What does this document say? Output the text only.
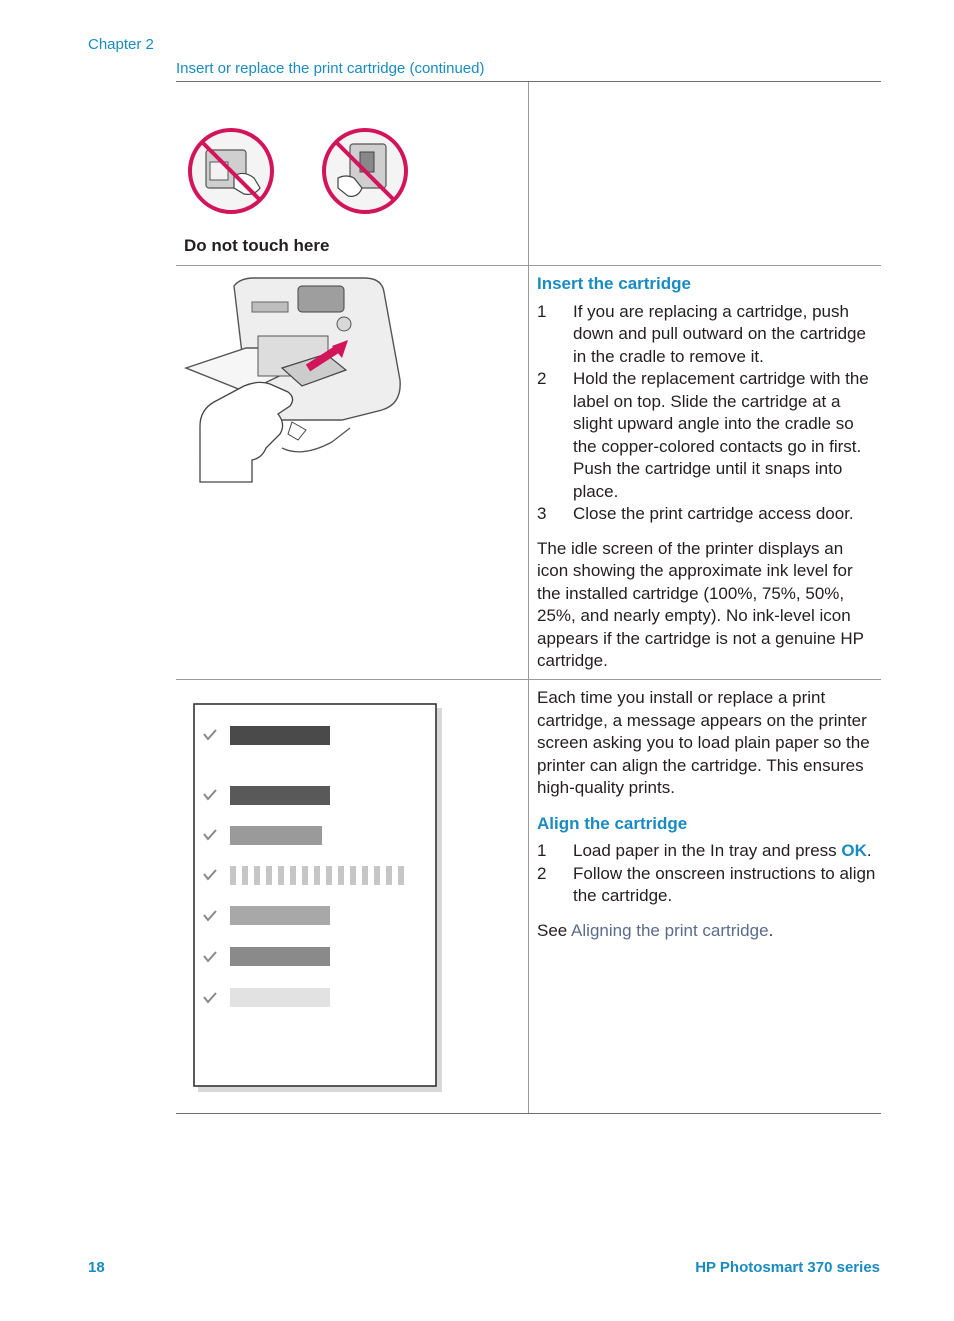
Chapter 2
Insert or replace the print cartridge (continued)
Do not touch here

Insert the cartridge

1 If you are replacing a cartridge, push down and pull outward on the cartridge in the cradle to remove it.
2 Hold the replacement cartridge with the label on top. Slide the cartridge at a slight upward angle into the cradle so the copper-colored contacts go in first. Push the cartridge until it snaps into place.
3 Close the print cartridge access door.

The idle screen of the printer displays an icon showing the approximate ink level for the installed cartridge (100%, 75%, 50%, 25%, and nearly empty). No ink-level icon appears if the cartridge is not a genuine HP cartridge.

Each time you install or replace a print cartridge, a message appears on the printer screen asking you to load plain paper so the printer can align the cartridge. This ensures high-quality prints.

Align the cartridge

1 Load paper in the In tray and press OK.
2 Follow the onscreen instructions to align the cartridge.

See Aligning the print cartridge.

18	HP Photosmart 370 series
